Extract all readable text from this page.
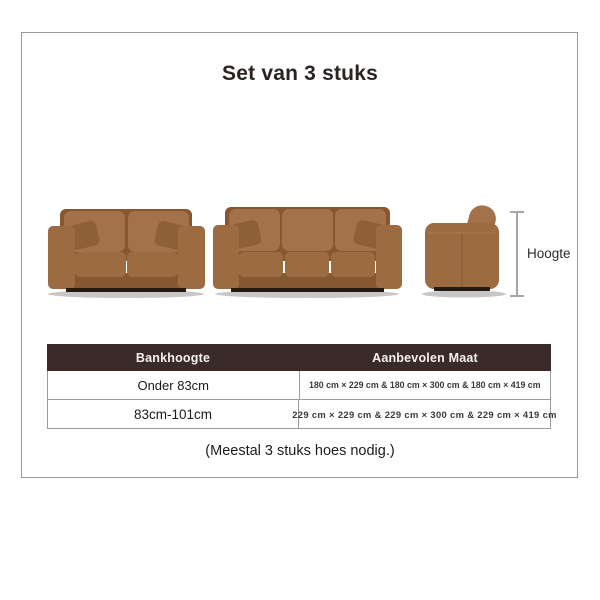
Set van 3 stuks
Hoogte
Bankhoogte	Aanbevolen Maat
Onder 83cm	180 cm × 229 cm & 180 cm × 300 cm & 180 cm × 419 cm
83cm-101cm	229 cm × 229 cm & 229 cm × 300 cm & 229 cm × 419 cm
(Meestal 3 stuks hoes nodig.)
